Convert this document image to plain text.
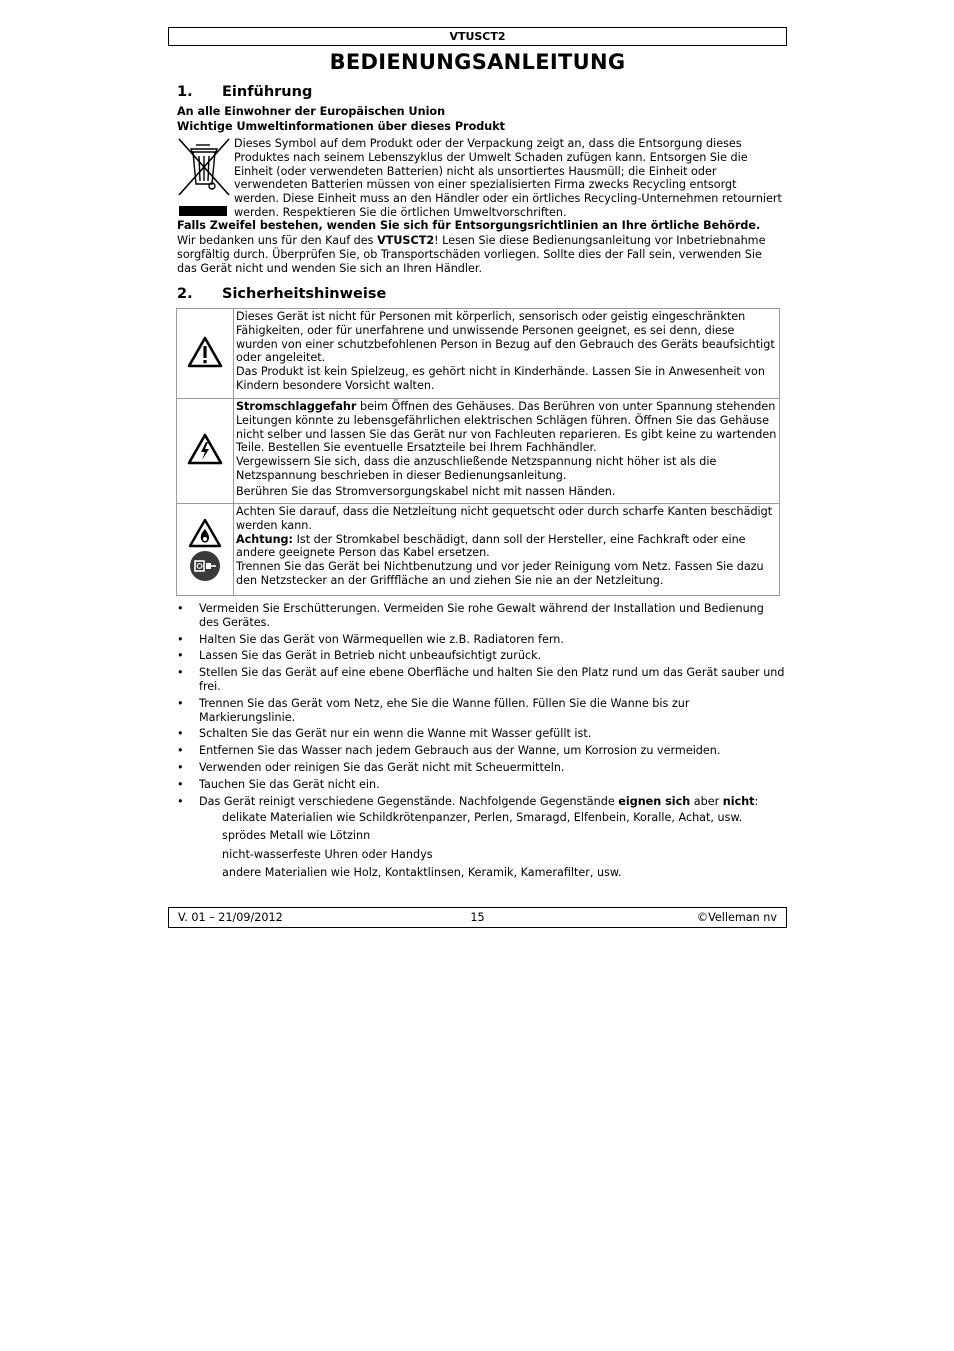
VTUSCT2
BEDIENUNGSANLEITUNG
1. Einführung

An alle Einwohner der Europäischen Union

Wichtige Umweltinformationen über dieses Produkt

Dieses Symbol auf dem Produkt oder der Verpackung zeigt an, dass die Entsorgung dieses Produktes nach seinem Lebenszyklus der Umwelt Schaden zufügen kann. Entsorgen Sie die Einheit (oder verwendeten Batterien) nicht als unsortiertes Hausmüll; die Einheit oder verwendeten Batterien müssen von einer spezialisierten Firma zwecks Recycling entsorgt werden. Diese Einheit muss an den Händler oder ein örtliches Recycling-Unternehmen retourniert werden. Respektieren Sie die örtlichen Umweltvorschriften.

Falls Zweifel bestehen, wenden Sie sich für Entsorgungsrichtlinien an Ihre örtliche Behörde.

Wir bedanken uns für den Kauf des VTUSCT2! Lesen Sie diese Bedienungsanleitung vor Inbetriebnahme sorgfältig durch. Überprüfen Sie, ob Transportschäden vorliegen. Sollte dies der Fall sein, verwenden Sie das Gerät nicht und wenden Sie sich an Ihren Händler.

2. Sicherheitshinweise

Dieses Gerät ist nicht für Personen mit körperlich, sensorisch oder geistig eingeschränkten Fähigkeiten, oder für unerfahrene und unwissende Personen geeignet, es sei denn, diese wurden von einer schutzbefohlenen Person in Bezug auf den Gebrauch des Geräts beaufsichtigt oder angeleitet.

Das Produkt ist kein Spielzeug, es gehört nicht in Kinderhände. Lassen Sie in Anwesenheit von Kindern besondere Vorsicht walten.

Stromschlaggefahr beim Öffnen des Gehäuses. Das Berühren von unter Spannung stehenden Leitungen könnte zu lebensgefährlichen elektrischen Schlägen führen. Öffnen Sie das Gehäuse nicht selber und lassen Sie das Gerät nur von Fachleuten reparieren. Es gibt keine zu wartenden Teile. Bestellen Sie eventuelle Ersatzteile bei Ihrem Fachhändler.

Vergewissern Sie sich, dass die anzuschließende Netzspannung nicht höher ist als die Netzspannung beschrieben in dieser Bedienungsanleitung.

Berühren Sie das Stromversorgungskabel nicht mit nassen Händen.

Achten Sie darauf, dass die Netzleitung nicht gequetscht oder durch scharfe Kanten beschädigt werden kann.

Achtung: Ist der Stromkabel beschädigt, dann soll der Hersteller, eine Fachkraft oder eine andere geeignete Person das Kabel ersetzen.

Trennen Sie das Gerät bei Nichtbenutzung und vor jeder Reinigung vom Netz. Fassen Sie dazu den Netzstecker an der Grifffläche an und ziehen Sie nie an der Netzleitung.

• Vermeiden Sie Erschütterungen. Vermeiden Sie rohe Gewalt während der Installation und Bedienung des Gerätes.
• Halten Sie das Gerät von Wärmequellen wie z.B. Radiatoren fern.
• Lassen Sie das Gerät in Betrieb nicht unbeaufsichtigt zurück.
• Stellen Sie das Gerät auf eine ebene Oberfläche und halten Sie den Platz rund um das Gerät sauber und frei.
• Trennen Sie das Gerät vom Netz, ehe Sie die Wanne füllen. Füllen Sie die Wanne bis zur Markierungslinie.
• Schalten Sie das Gerät nur ein wenn die Wanne mit Wasser gefüllt ist.
• Entfernen Sie das Wasser nach jedem Gebrauch aus der Wanne, um Korrosion zu vermeiden.
• Verwenden oder reinigen Sie das Gerät nicht mit Scheuermitteln.
• Tauchen Sie das Gerät nicht ein.
• Das Gerät reinigt verschiedene Gegenstände. Nachfolgende Gegenstände eignen sich aber nicht:

delikate Materialien wie Schildkrötenpanzer, Perlen, Smaragd, Elfenbein, Koralle, Achat, usw.

sprödes Metall wie Lötzinn

nicht-wasserfeste Uhren oder Handys

andere Materialien wie Holz, Kontaktlinsen, Keramik, Kamerafilter, usw.

V. 01 – 21/09/2012	15	©Velleman nv
